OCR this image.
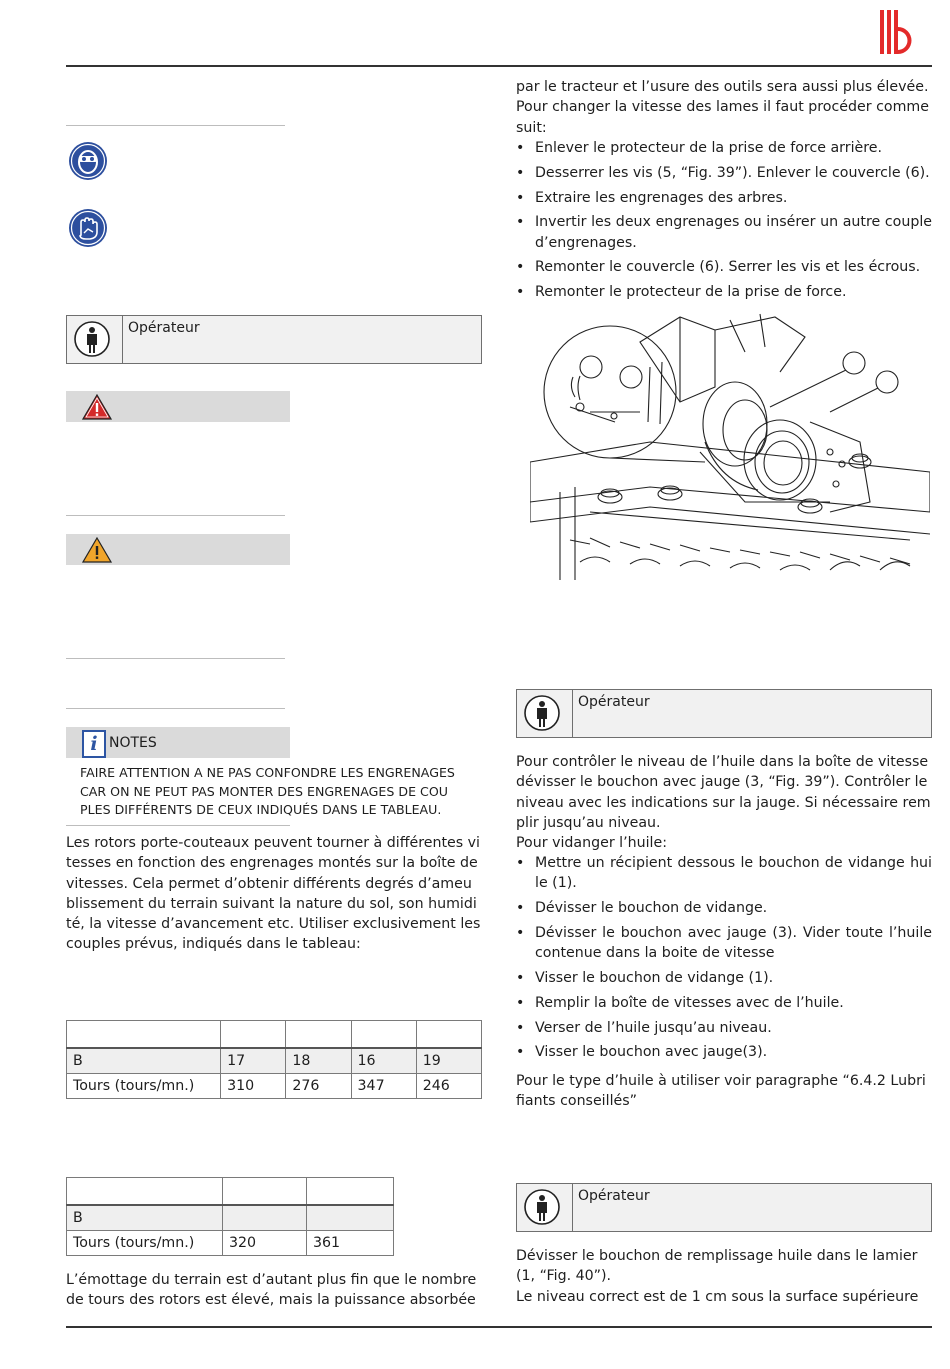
Opérateur
i NOTES
FAIRE ATTENTION A NE PAS CONFONDRE LES ENGRENAGES
CAR ON NE PEUT PAS MONTER DES ENGRENAGES DE COU
PLES DIFFÉRENTS DE CEUX INDIQUÉS DANS LE TABLEAU.
Les rotors porte-couteaux peuvent tourner à différentes vi
tesses en fonction des engrenages montés sur la boîte de
vitesses. Cela permet d’obtenir différents degrés d’ameu
blissement du terrain suivant la nature du sol, son humidi
té, la vitesse d’avancement etc. Utiliser exclusivement les
couples prévus, indiqués dans le tableau:

B	17	18	16	19
Tours (tours/mn.)	310	276	347	246

B		
Tours (tours/mn.)	320	361
L’émottage du terrain est d’autant plus fin que le nombre
de tours des rotors est élevé, mais la puissance absorbée
par le tracteur et l’usure des outils sera aussi plus élevée.
Pour changer la vitesse des lames il faut procéder comme
suit:
• Enlever le protecteur de la prise de force arrière.
• Desserrer les vis (5, “Fig. 39”). Enlever le couvercle (6).
• Extraire les engrenages des arbres.
• Invertir les deux engrenages ou insérer un autre couple d’engrenages.
• Remonter le couvercle (6). Serrer les vis et les écrous.
• Remonter le protecteur de la prise de force.
Opérateur
Pour contrôler le niveau de l’huile dans la boîte de vitesse
dévisser le bouchon avec jauge (3, “Fig. 39”). Contrôler le
niveau avec les indications sur la jauge. Si nécessaire rem
plir jusqu’au niveau.
Pour vidanger l’huile:
• Mettre un récipient dessous le bouchon de vidange hui le (1).
• Dévisser le bouchon de vidange.
• Dévisser le bouchon avec jauge (3). Vider toute l’huile contenue dans la boite de vitesse
• Visser le bouchon de vidange (1).
• Remplir la boîte de vitesses avec de l’huile.
• Verser de l’huile jusqu’au niveau.
• Visser le bouchon avec jauge(3).
Pour le type d’huile à utiliser voir paragraphe “6.4.2 Lubri
fiants conseillés”
Opérateur
Dévisser le bouchon de remplissage huile dans le lamier
(1, “Fig. 40”).
Le niveau correct est de 1 cm sous la surface supérieure
